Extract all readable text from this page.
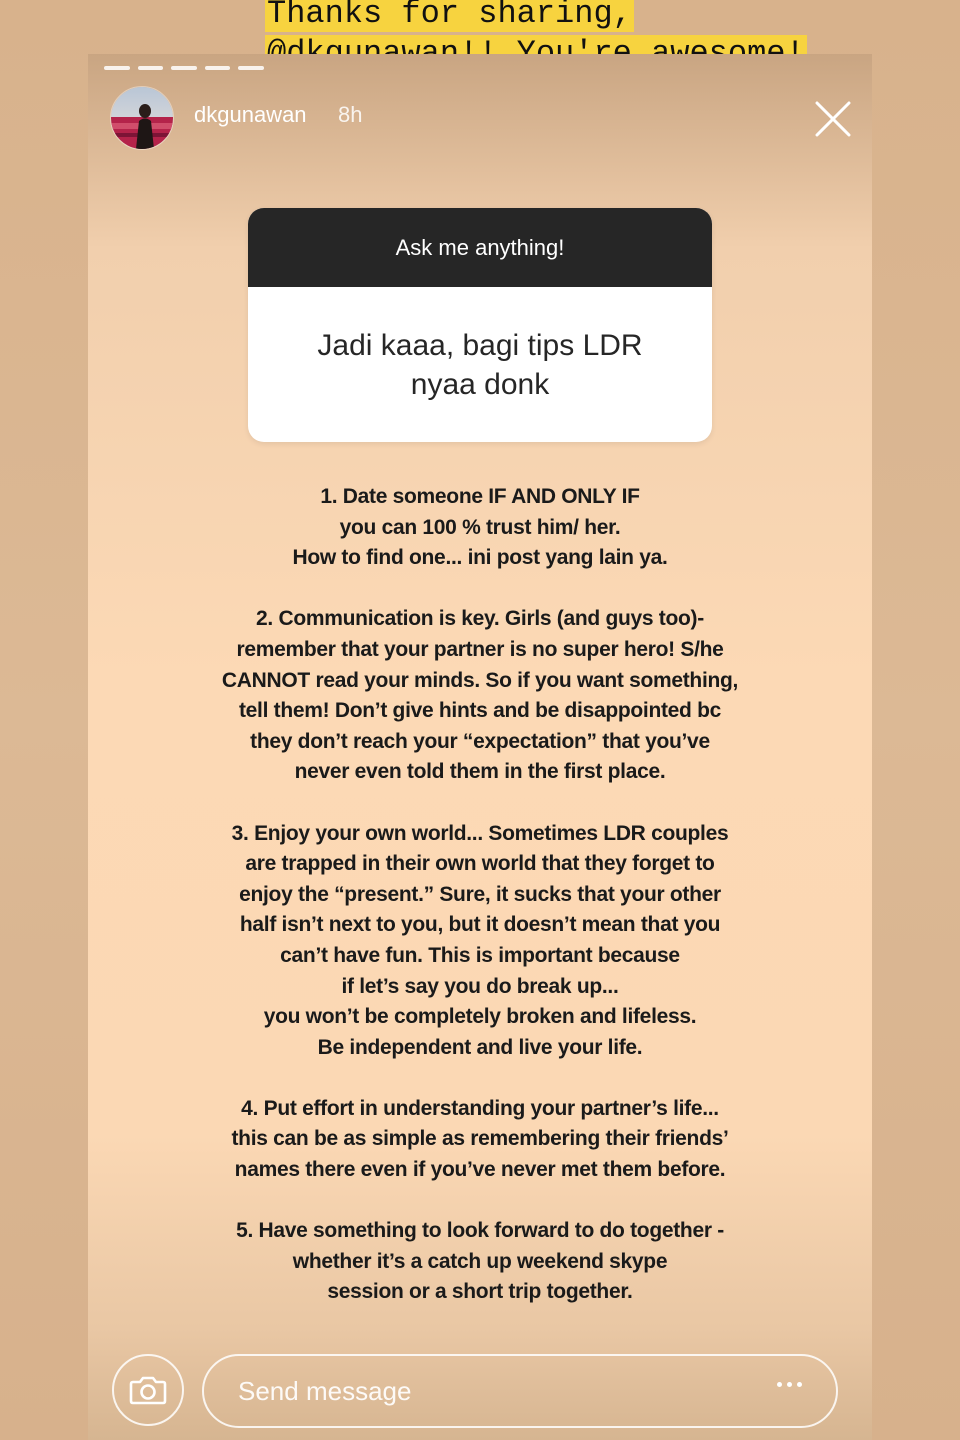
Thanks for sharing,

dkgunawan 8h
Ask me anything!
Jadi kaaa, bagi tips LDR nyaa donk
1. Date someone IF AND ONLY IF
you can 100 % trust him/ her.
How to find one... ini post yang lain ya.
2. Communication is key. Girls (and guys too)-
remember that your partner is no super hero! S/he
CANNOT read your minds. So if you want something,
tell them! Don’t give hints and be disappointed bc
they don’t reach your “expectation” that you’ve
never even told them in the first place.
3. Enjoy your own world... Sometimes LDR couples
are trapped in their own world that they forget to
enjoy the “present.” Sure, it sucks that your other
half isn’t next to you, but it doesn’t mean that you
can’t have fun. This is important because
if let’s say you do break up...
you won’t be completely broken and lifeless.
Be independent and live your life.
4. Put effort in understanding your partner’s life...
this can be as simple as remembering their friends’
names there even if you’ve never met them before.
5. Have something to look forward to do together -
whether it’s a catch up weekend skype
session or a short trip together.
Send message
